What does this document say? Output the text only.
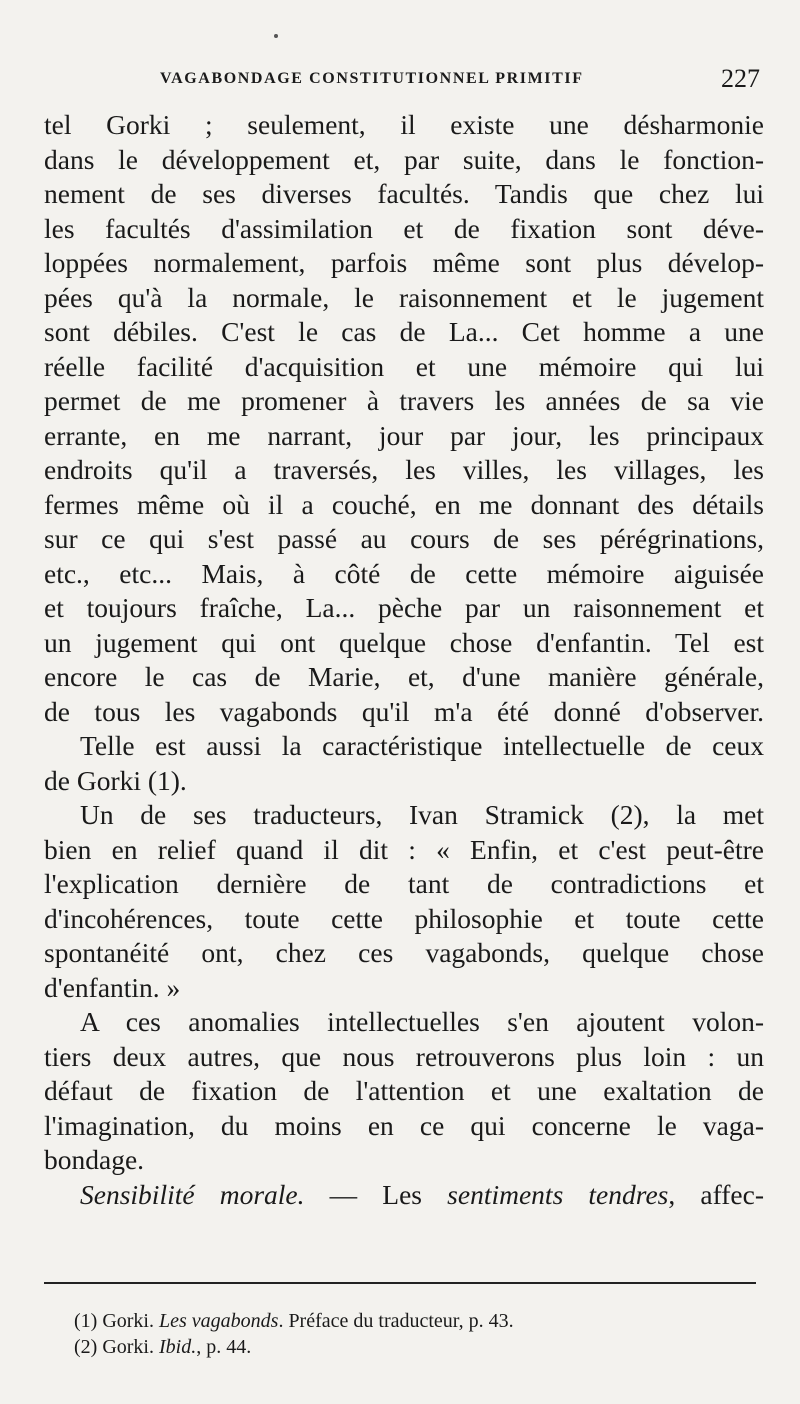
VAGABONDAGE CONSTITUTIONNEL PRIMITIF	227
tel Gorki ; seulement, il existe une désharmonie
dans le développement et, par suite, dans le fonction-
nement de ses diverses facultés. Tandis que chez lui
les facultés d'assimilation et de fixation sont déve-
loppées normalement, parfois même sont plus dévelop-
pées qu'à la normale, le raisonnement et le jugement
sont débiles. C'est le cas de La... Cet homme a une
réelle facilité d'acquisition et une mémoire qui lui
permet de me promener à travers les années de sa vie
errante, en me narrant, jour par jour, les principaux
endroits qu'il a traversés, les villes, les villages, les
fermes même où il a couché, en me donnant des détails
sur ce qui s'est passé au cours de ses pérégrinations,
etc., etc... Mais, à côté de cette mémoire aiguisée
et toujours fraîche, La... pèche par un raisonnement et
un jugement qui ont quelque chose d'enfantin. Tel est
encore le cas de Marie, et, d'une manière générale,
de tous les vagabonds qu'il m'a été donné d'observer.
Telle est aussi la caractéristique intellectuelle de ceux
de Gorki (1).
Un de ses traducteurs, Ivan Stramick (2), la met
bien en relief quand il dit : « Enfin, et c'est peut-être
l'explication dernière de tant de contradictions et
d'incohérences, toute cette philosophie et toute cette
spontanéité ont, chez ces vagabonds, quelque chose
d'enfantin. »
A ces anomalies intellectuelles s'en ajoutent volon-
tiers deux autres, que nous retrouverons plus loin : un
défaut de fixation de l'attention et une exaltation de
l'imagination, du moins en ce qui concerne le vaga-
bondage.
Sensibilité morale. — Les sentiments tendres, affec-
(1) Gorki. Les vagabonds. Préface du traducteur, p. 43.
(2) Gorki. Ibid., p. 44.
